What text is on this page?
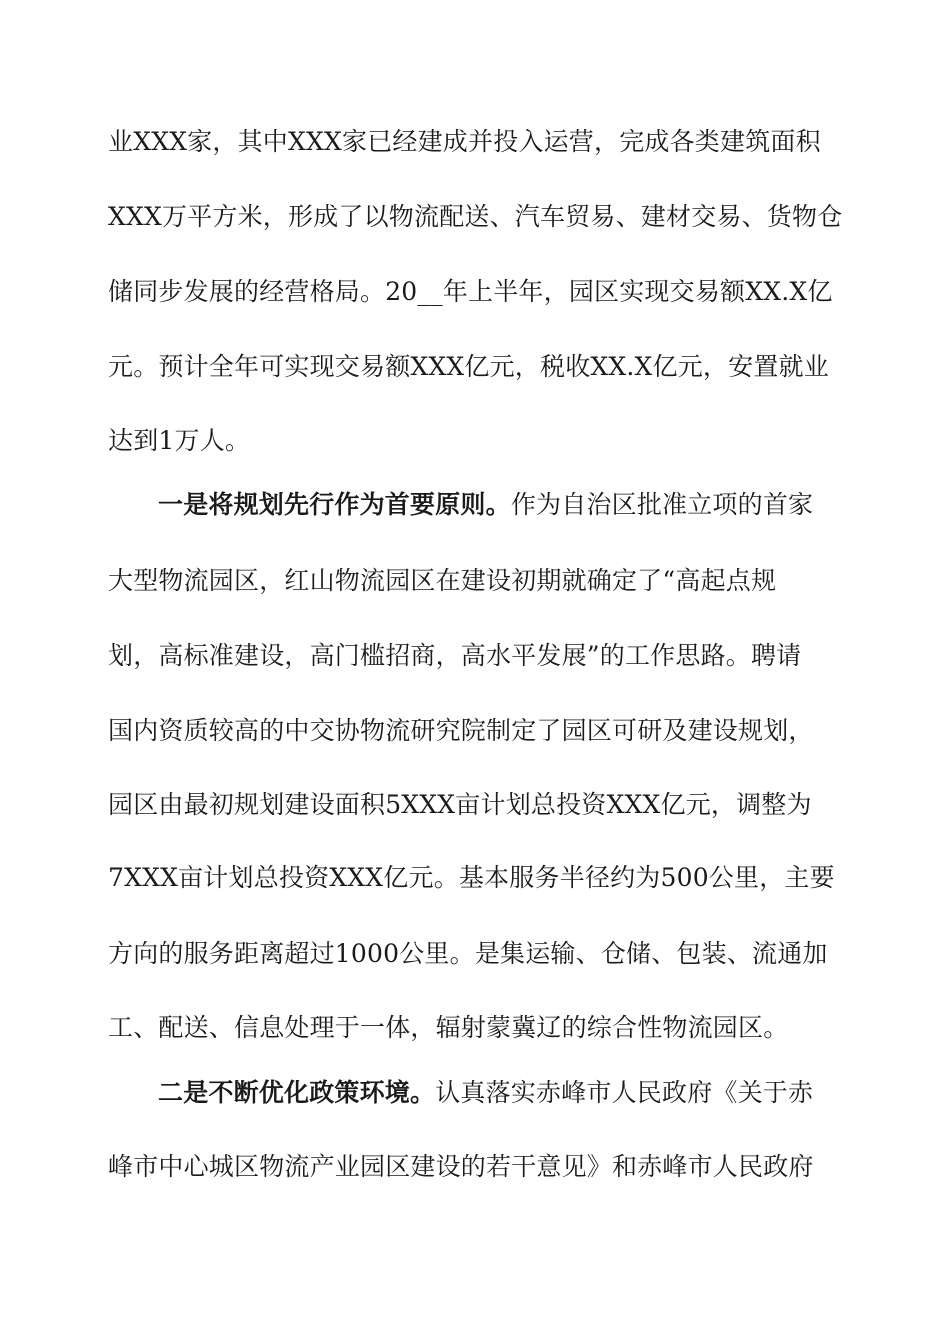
业XXX家，其中XXX家已经建成并投入运营，完成各类建筑面积
XXX万平方米，形成了以物流配送、汽车贸易、建材交易、货物仓
储同步发展的经营格局。20__年上半年，园区实现交易额XX.X亿
元。预计全年可实现交易额XXX亿元，税收XX.X亿元，安置就业
达到1万人。
一是将规划先行作为首要原则。作为自治区批准立项的首家
大型物流园区，红山物流园区在建设初期就确定了“高起点规
划，高标准建设，高门槛招商，高水平发展”的工作思路。聘请
国内资质较高的中交协物流研究院制定了园区可研及建设规划，
园区由最初规划建设面积5XXX亩计划总投资XXX亿元，调整为
7XXX亩计划总投资XXX亿元。基本服务半径约为500公里，主要
方向的服务距离超过1000公里。是集运输、仓储、包装、流通加
工、配送、信息处理于一体，辐射蒙冀辽的综合性物流园区。
二是不断优化政策环境。认真落实赤峰市人民政府《关于赤
峰市中心城区物流产业园区建设的若干意见》和赤峰市人民政府
